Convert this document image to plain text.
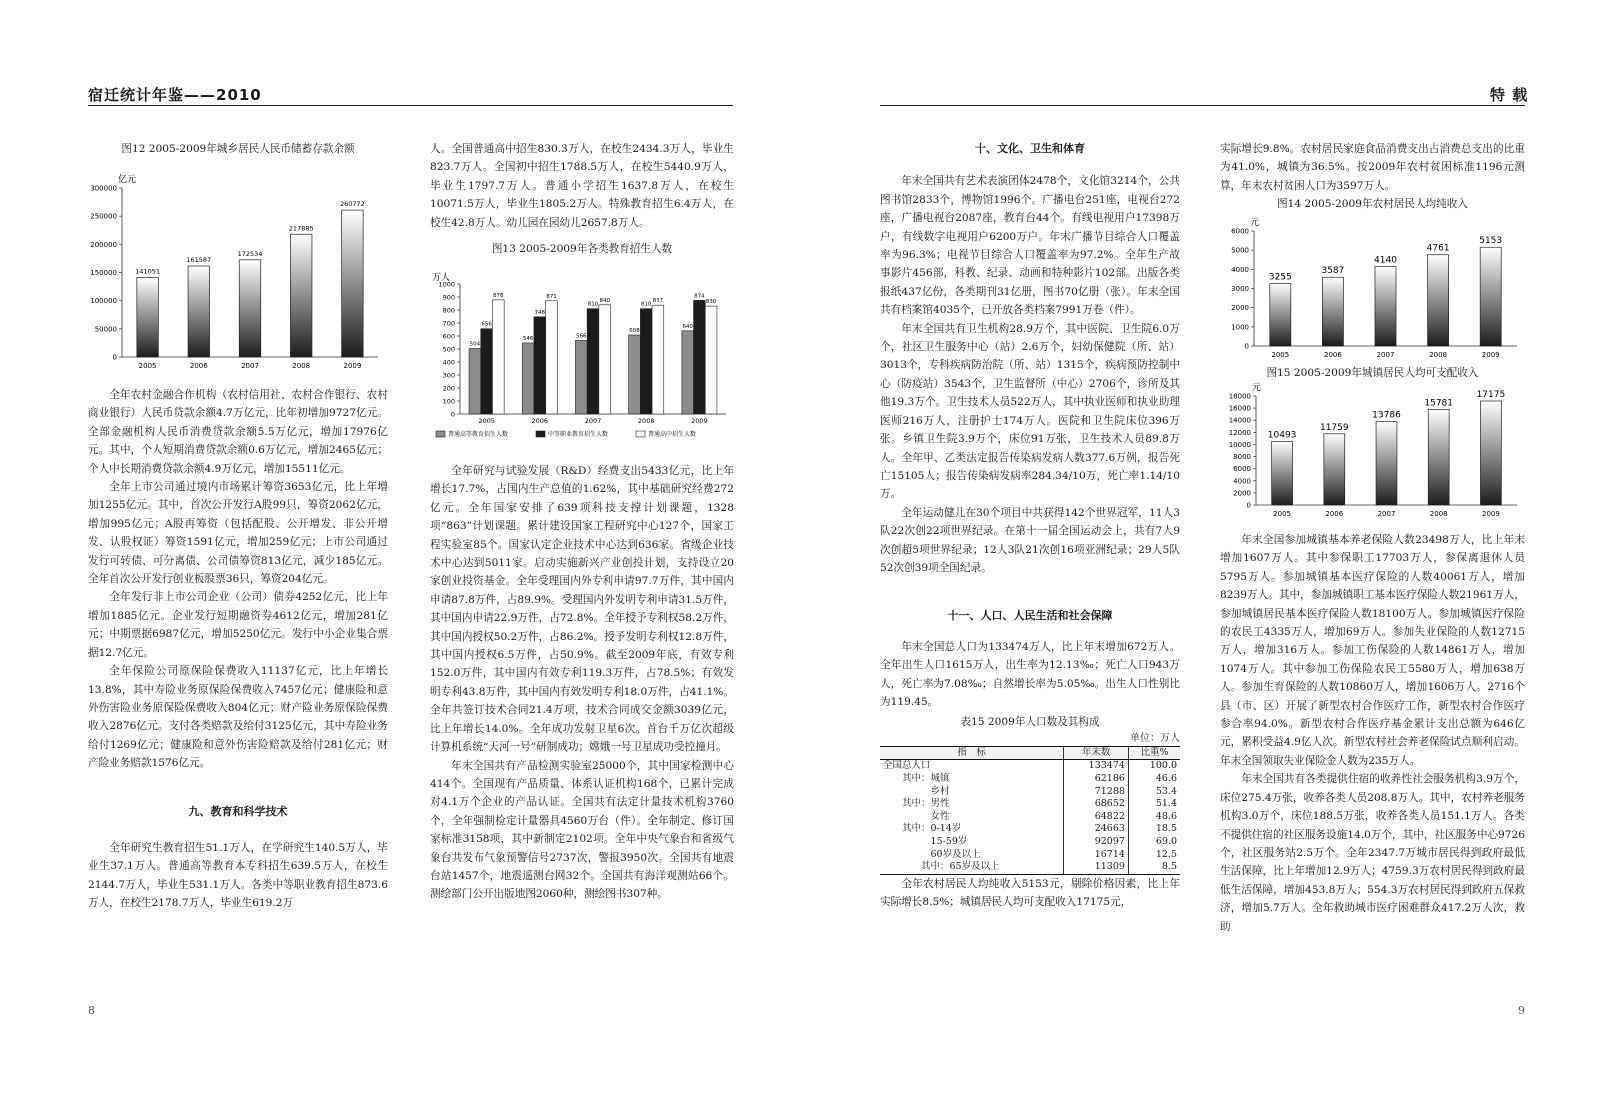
宿迁统计年鉴——2010

图12 2005-2009年城乡居民人民币储蓄存款余额

亿元
300000
250000
200000
150000
100000
50000
0
141051
2005
161587
2006
172534
2007
217885
2008
260772
2009

全年农村金融合作机构（农村信用社、农村合作银行、农村商业银行）人民币贷款余额4.7万亿元，比年初增加9727亿元。全部金融机构人民币消费贷款余额5.5万亿元，增加17976亿元。其中，个人短期消费贷款余额0.6万亿元，增加2465亿元；个人中长期消费贷款余额4.9万亿元，增加15511亿元。

全年上市公司通过境内市场累计筹资3653亿元，比上年增加1255亿元。其中，首次公开发行A股99只，筹资2062亿元，增加995亿元；A股再筹资（包括配股、公开增发、非公开增发、认股权证）筹资1591亿元，增加259亿元；上市公司通过发行可转债、可分离债、公司债筹资813亿元，减少185亿元。全年首次公开发行创业板股票36只，筹资204亿元。

全年发行非上市公司企业（公司）债券4252亿元，比上年增加1885亿元。企业发行短期融资券4612亿元，增加281亿元；中期票据6987亿元，增加5250亿元。发行中小企业集合票据12.7亿元。

全年保险公司原保险保费收入11137亿元，比上年增长13.8%，其中寿险业务原保险保费收入7457亿元；健康险和意外伤害险业务原保险保费收入804亿元；财产险业务原保险保费收入2876亿元。支付各类赔款及给付3125亿元，其中寿险业务给付1269亿元；健康险和意外伤害险赔款及给付281亿元；财产险业务赔款1576亿元。

九、教育和科学技术

全年研究生教育招生51.1万人，在学研究生140.5万人，毕业生37.1万人。普通高等教育本专科招生639.5万人，在校生2144.7万人，毕业生531.1万人。各类中等职业教育招生873.6万人，在校生2178.7万人，毕业生619.2万

人。全国普通高中招生830.3万人，在校生2434.3万人，毕业生823.7万人。全国初中招生1788.5万人，在校生5440.9万人，毕业生1797.7万人。普通小学招生1637.8万人，在校生10071.5万人，毕业生1805.2万人。特殊教育招生6.4万人，在校生42.8万人。幼儿园在园幼儿2657.8万人。

图13 2005-2009年各类教育招生人数

万人
1000
900
800
700
600
500
400
300
200
100
0
504
656
878
2005
546
748
871
2006
566
810
840
2007
608
810
837
2008
640
874
830
2009
普通高等教育招生人数	中等职业教育招生人数	普通高中招生人数

全年研究与试验发展（R&D）经费支出5433亿元，比上年增长17.7%，占国内生产总值的1.62%，其中基础研究经费272亿元。全年国家安排了639项科技支撑计划课题，1328项“863”计划课题。累计建设国家工程研究中心127个，国家工程实验室85个。国家认定企业技术中心达到636家。省级企业技术中心达到5011家。启动实施新兴产业创投计划，支持设立20家创业投资基金。全年受理国内外专利申请97.7万件，其中国内申请87.8万件，占89.9%。受理国内外发明专利申请31.5万件，其中国内申请22.9万件，占72.8%。全年授予专利权58.2万件，其中国内授权50.2万件，占86.2%。授予发明专利权12.8万件，其中国内授权6.5万件，占50.9%。截至2009年底，有效专利152.0万件，其中国内有效专利119.3万件，占78.5%；有效发明专利43.8万件，其中国内有效发明专利18.0万件，占41.1%。全年共签订技术合同21.4万项，技术合同成交金额3039亿元，比上年增长14.0%。全年成功发射卫星6次。首台千万亿次超级计算机系统“天河一号”研制成功；嫦娥一号卫星成功受控撞月。

年末全国共有产品检测实验室25000个，其中国家检测中心414个。全国现有产品质量、体系认证机构168个，已累计完成对4.1万个企业的产品认证。全国共有法定计量技术机构3760个，全年强制检定计量器具4560万台（件）。全年制定、修订国家标准3158项，其中新制定2102项。全年中央气象台和省级气象台共发布气象预警信号2737次，警报3950次。全国共有地震台站1457个，地震遥测台网32个。全国共有海洋观测站66个。测绘部门公开出版地图2060种，测绘图书307种。

8
特 载

十、文化、卫生和体育

年末全国共有艺术表演团体2478个，文化馆3214个，公共图书馆2833个，博物馆1996个。广播电台251座，电视台272座，广播电视台2087座，教育台44个。有线电视用户17398万户，有线数字电视用户6200万户。年末广播节目综合人口覆盖率为96.3%；电视节目综合人口覆盖率为97.2%。全年生产故事影片456部，科教、纪录、动画和特种影片102部。出版各类报纸437亿份，各类期刊31亿册，图书70亿册（张）。年末全国共有档案馆4035个，已开放各类档案7991万卷（件）。

年末全国共有卫生机构28.9万个，其中医院、卫生院6.0万个，社区卫生服务中心（站）2.6万个，妇幼保健院（所、站）3013个，专科疾病防治院（所、站）1315个，疾病预防控制中心（防疫站）3543个，卫生监督所（中心）2706个，诊所及其他19.3万个。卫生技术人员522万人，其中执业医师和执业助理医师216万人，注册护士174万人。医院和卫生院床位396万张。乡镇卫生院3.9万个，床位91万张，卫生技术人员89.8万人。全年甲、乙类法定报告传染病发病人数377.6万例，报告死亡15105人；报告传染病发病率284.34/10万，死亡率1.14/10万。

全年运动健儿在30个项目中共获得142个世界冠军，11人3队22次创22项世界纪录。在第十一届全国运动会上，共有7人9次创超5项世界纪录；12人3队21次创16项亚洲纪录；29人5队52次创39项全国纪录。

十一、人口、人民生活和社会保障

年末全国总人口为133474万人，比上年末增加672万人。全年出生人口1615万人，出生率为12.13‰；死亡人口943万人，死亡率为7.08‰；自然增长率为5.05‰。出生人口性别比为119.45。

表15 2009年人口数及其构成

单位：万人
指　标	年末数	比重%
全国总人口	133474	100.0
　　其中：城镇	62186	46.6
　　　　　乡村	71288	53.4
　　其中：男性	68652	51.4
　　　　　女性	64822	48.6
　　其中：0-14岁	24663	18.5
　　　　　15-59岁	92097	69.0
　　　　　60岁及以上	16714	12.5
　　　　其中：65岁及以上	11309	8.5

全年农村居民人均纯收入5153元，剔除价格因素，比上年实际增长8.5%；城镇居民人均可支配收入17175元，

实际增长9.8%。农村居民家庭食品消费支出占消费总支出的比重为41.0%，城镇为36.5%。按2009年农村贫困标准1196元测算，年末农村贫困人口为3597万人。

图14 2005-2009年农村居民人均纯收入

元
6000
5000
4000
3000
2000
1000
0
3255
2005
3587
2006
4140
2007
4761
2008
5153
2009

图15 2005-2009年城镇居民人均可支配收入

元
18000
16000
14000
12000
10000
8000
6000
4000
2000
0
10493
2005
11759
2006
13786
2007
15781
2008
17175
2009

年末全国参加城镇基本养老保险人数23498万人，比上年末增加1607万人。其中参保职工17703万人，参保离退休人员5795万人。参加城镇基本医疗保险的人数40061万人，增加8239万人。其中，参加城镇职工基本医疗保险人数21961万人，参加城镇居民基本医疗保险人数18100万人。参加城镇医疗保险的农民工4335万人，增加69万人。参加失业保险的人数12715万人，增加316万人。参加工伤保险的人数14861万人，增加1074万人。其中参加工伤保险农民工5580万人，增加638万人。参加生育保险的人数10860万人，增加1606万人。2716个县（市、区）开展了新型农村合作医疗工作，新型农村合作医疗参合率94.0%。新型农村合作医疗基金累计支出总额为646亿元，累积受益4.9亿人次。新型农村社会养老保险试点顺利启动。年末全国领取失业保险金人数为235万人。

年末全国共有各类提供住宿的收养性社会服务机构3.9万个，床位275.4万张，收养各类人员208.8万人。其中，农村养老服务机构3.0万个，床位188.5万张，收养各类人员151.1万人。各类不提供住宿的社区服务设施14.0万个，其中，社区服务中心9726个，社区服务站2.5万个。全年2347.7万城市居民得到政府最低生活保障，比上年增加12.9万人；4759.3万农村居民得到政府最低生活保障，增加453.8万人；554.3万农村居民得到政府五保救济，增加5.7万人。全年救助城市医疗困难群众417.2万人次，救助

9
